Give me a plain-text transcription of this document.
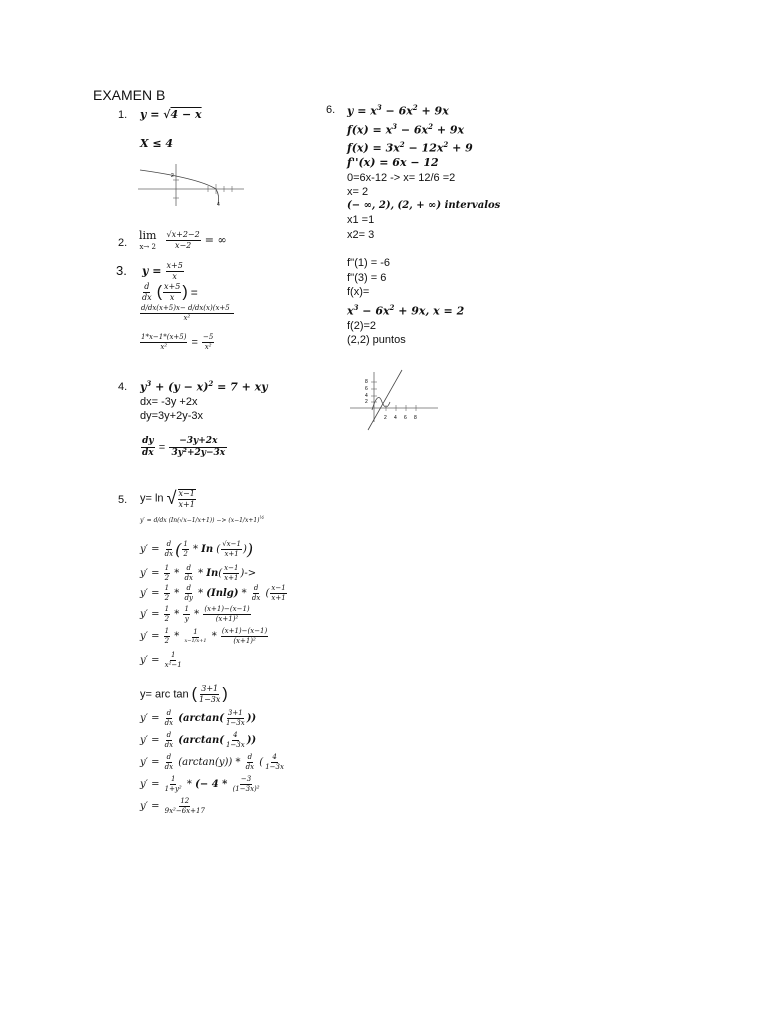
EXAMEN B
1. y = √4 − x
X ≤ 4
2
4
2.
lim
x→ 2
$\frac{√x+2-2}{x-2}$ = ∞
3. $y = \frac{x+5}{x}$
$\frac{d}{dx}$ ( $\frac{x+5}{x}$ ) =
$\frac{d/dx(x+5)x- d/dx(x)(x+5}{\text{x²}}$
$\frac{1*x-1*(x+5)}{\text{x²}} = \frac{-5}{\text{x²}}$
4. $y^3 + (y - x)^2 = 7$ + xy
dx= -3y +2x
dy=3y+2y-3x
$\frac{dy}{dx} = \frac{-3y+2x}{\text{3y²+2y−3x}}$
5. y= ln √ $\frac{x-1}{x+1}$
y′ = d/dx $(In(√x-1/x+1)) -> (x-1/x+1)^{\frac{1}{2}}$
$y' = \frac{d}{dx}$ ( $\frac{1}{2}$ * In ( $\frac{√x-1}{x+1}$ ))
$y' = \frac{1}{2} * \frac{d}{dx} * In( \frac{x-1}{x+1}$ )->
$y' = \frac{1}{2} * \frac{d}{dy} * (Inlg) * \frac{d}{dx}$ ( $\frac{x-1}{x+1}$
$y' = \frac{1}{2} * \frac{1}{y} * \frac{(x+1)-(x-1)}{\text{(x+1)²}}$
$y' = \frac{1}{2} * \frac{1}{x-1/x+1} * \frac{(x+1)-(x-1)}{\text{(x+1)²}}$
$y' = \frac{1}{\text{x²−1}}$
y= arc tan ( $\frac{3+1}{1-3x}$ )
$y' = \frac{d}{dx} (\arctan( \frac{3+1}{1-3x}$ ))
$y' = \frac{d}{dx} (\arctan( \frac{4}{1-3x}$ ))
$y' = \frac{d}{dx} (\arctan(y)) * \frac{d}{dx}$ ( $\frac{4}{1-3x}$
$y' = \frac{1}{\text{1+y²}}$ * (− $4 * \frac{-3}{\text{(1−3x)²}}$
$y' = \frac{12}{\text{9x²−6x+17}}$
6. $y = x^3 - 6x^2 + 9x$
$f(x) = x^3 - 6x^2 + 9x$
$f(x) = 3x^2 - 12x^2 + 9$
f''(x) = 6x − 12
0=6x-12 -> x= 12/6 =2
x= 2
(− ∞, 2), (2, + ∞) intervalos
x1 =1
x2= 3
f''(1) = -6
f''(3) = 6
f(x)=
$x^3 - 6x^2 + 9x$, x = 2
f(2)=2
(2,2) puntos
8
6
4
2
2 4 6 8
